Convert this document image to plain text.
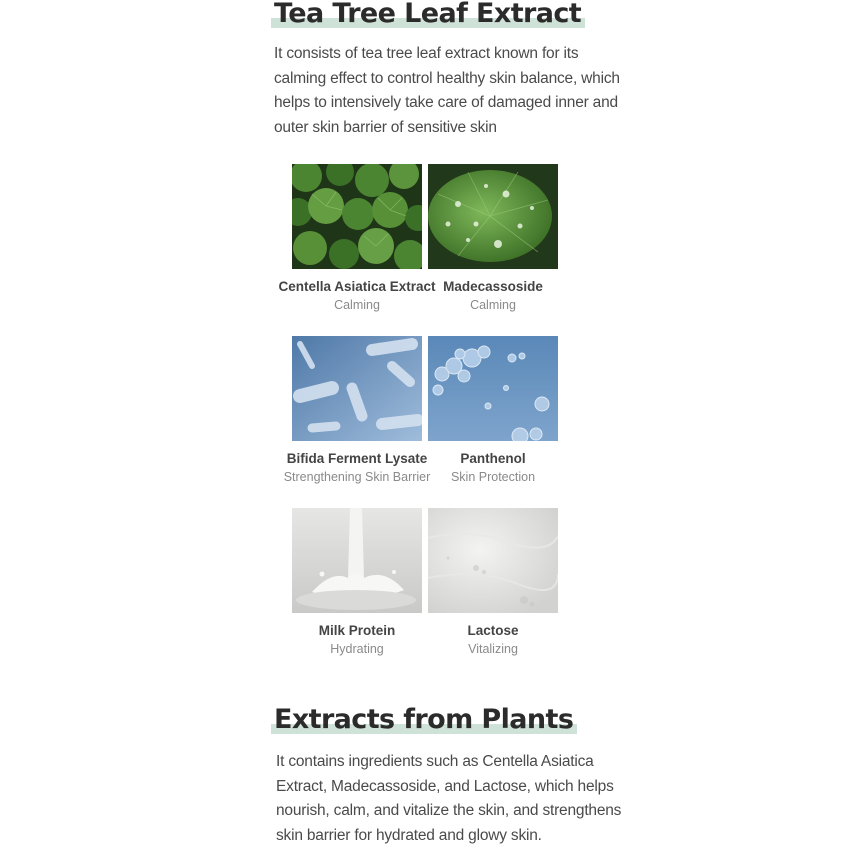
Tea Tree Leaf Extract

It consists of tea tree leaf extract known for its calming effect to control healthy skin balance, which helps to intensively take care of damaged inner and outer skin barrier of sensitive skin

Centella Asiatica Extract
Calming
Madecassoside
Calming
Bifida Ferment Lysate
Strengthening Skin Barrier
Panthenol
Skin Protection
Milk Protein
Hydrating
Lactose
Vitalizing
Extracts from Plants

It contains ingredients such as Centella Asiatica Extract, Madecassoside, and Lactose, which helps nourish, calm, and vitalize the skin, and strengthens skin barrier for hydrated and glowy skin.
